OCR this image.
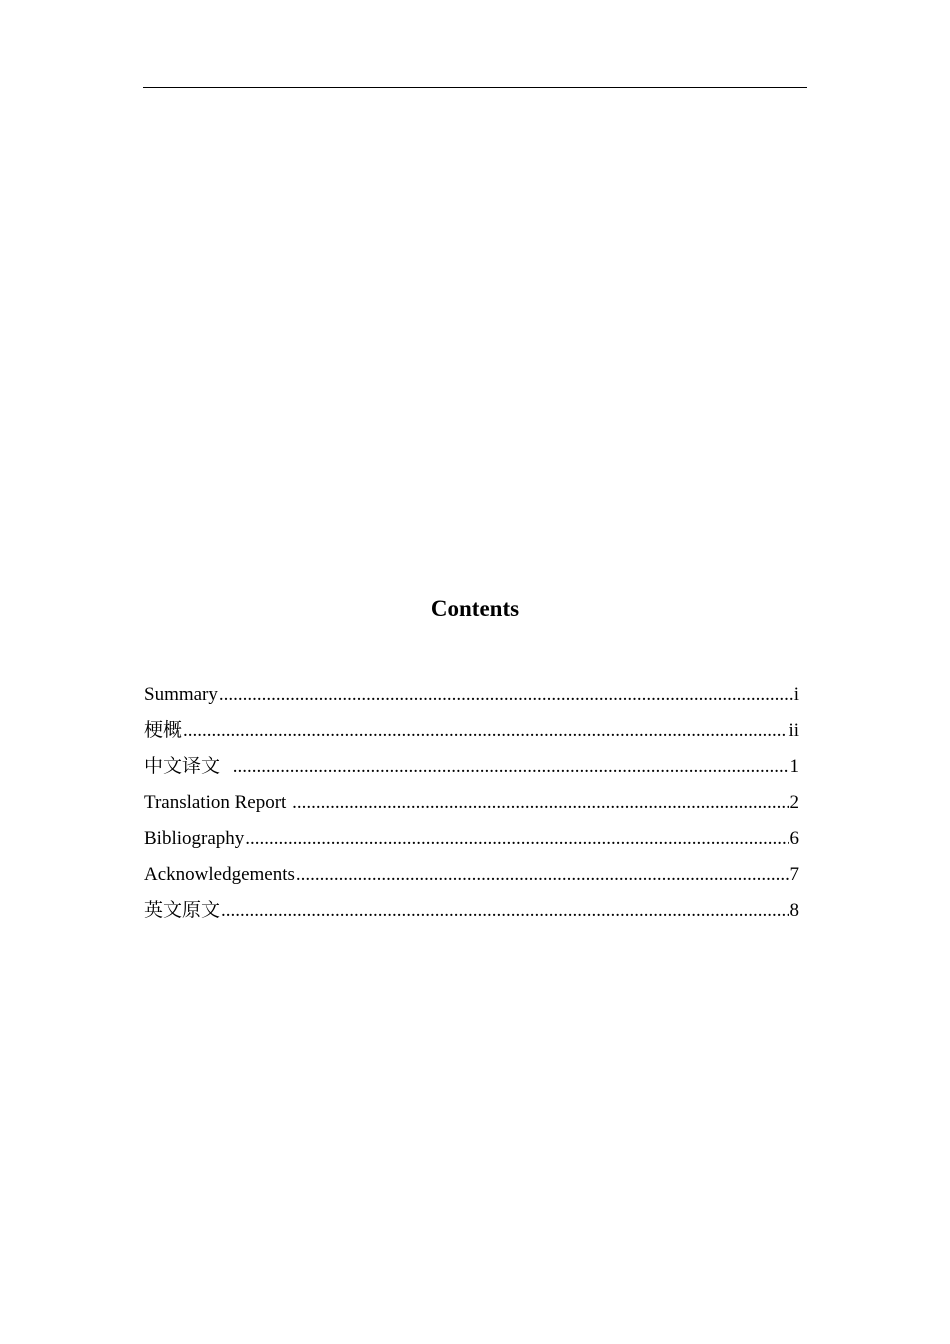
Contents
Summary .....	i
梗概 .....	ii
中文译文 .....	1
Translation Report .....	2
Bibliography .....	6
Acknowledgements .....	7
英文原文 .....	8
